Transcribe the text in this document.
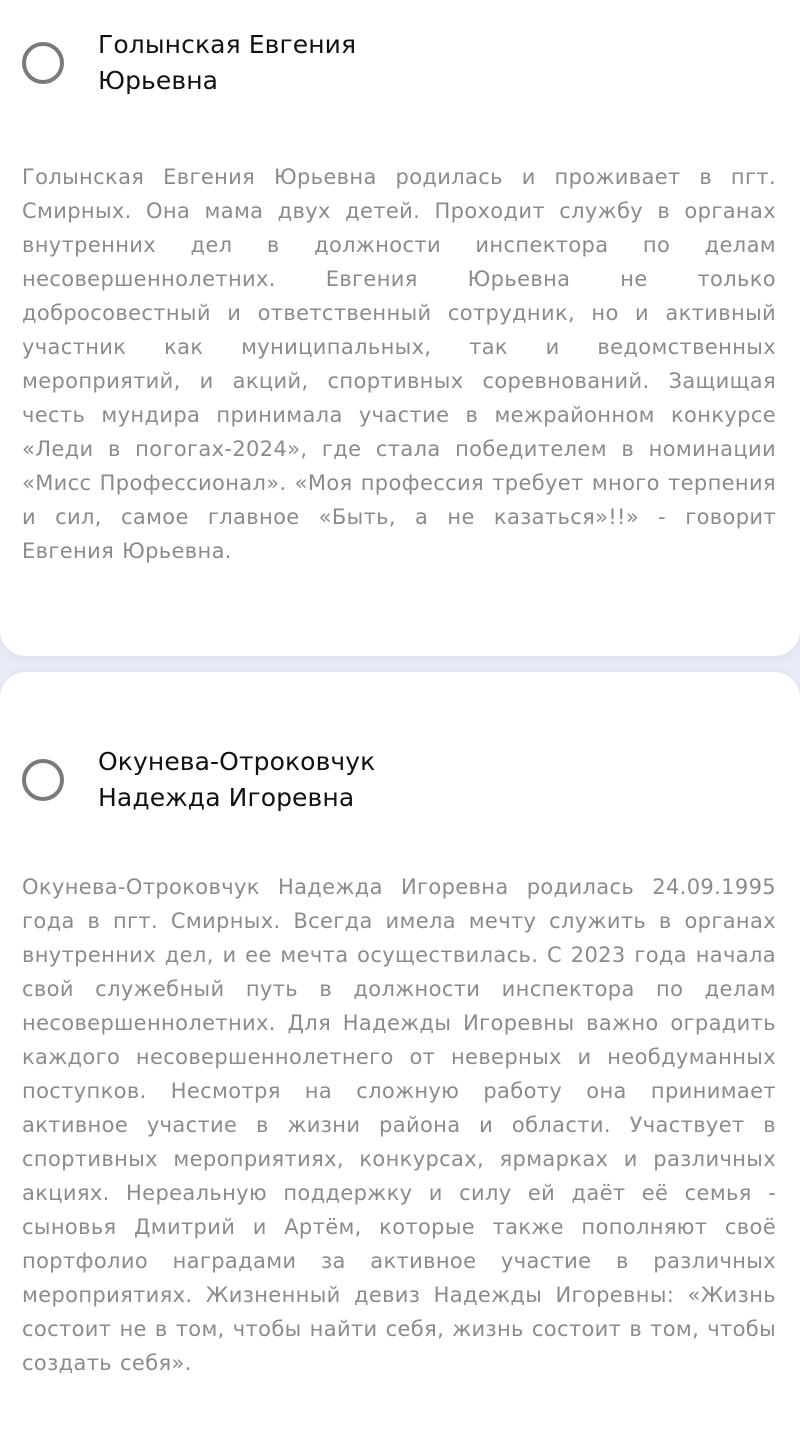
Голынская Евгения Юрьевна

Голынская Евгения Юрьевна родилась и проживает в пгт. Смирных. Она мама двух детей. Проходит службу в органах внутренних дел в должности инспектора по делам несовершеннолетних. Евгения Юрьевна не только добросовестный и ответственный сотрудник, но и активный участник как муниципальных, так и ведомственных мероприятий, и акций, спортивных соревнований. Защищая честь мундира принимала участие в межрайонном конкурсе «Леди в погогах-2024», где стала победителем в номинации «Мисс Профессионал». «Моя профессия требует много терпения и сил, самое главное «Быть, а не казаться»!!» - говорит Евгения Юрьевна.

Окунева-Отроковчук Надежда Игоревна

Окунева-Отроковчук Надежда Игоревна родилась 24.09.1995 года в пгт. Смирных. Всегда имела мечту служить в органах внутренних дел, и ее мечта осуществилась. С 2023 года начала свой служебный путь в должности инспектора по делам несовершеннолетних. Для Надежды Игоревны важно оградить каждого несовершеннолетнего от неверных и необдуманных поступков. Несмотря на сложную работу она принимает активное участие в жизни района и области. Участвует в спортивных мероприятиях, конкурсах, ярмарках и различных акциях. Нереальную поддержку и силу ей даёт её семья - сыновья Дмитрий и Артём, которые также пополняют своё портфолио наградами за активное участие в различных мероприятиях. Жизненный девиз Надежды Игоревны: «Жизнь состоит не в том, чтобы найти себя, жизнь состоит в том, чтобы создать себя».
